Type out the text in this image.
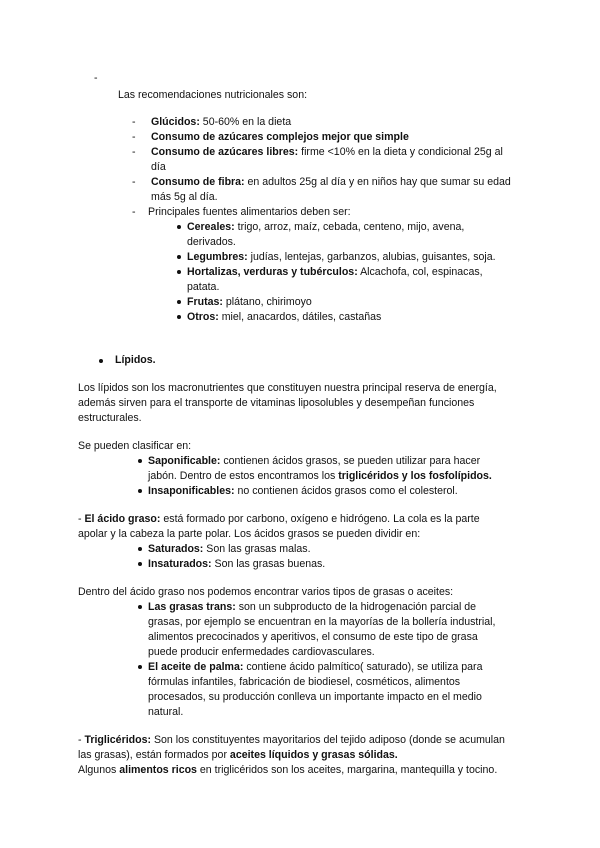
-
Las recomendaciones nutricionales son:
- Glúcidos: 50-60% en la dieta
- Consumo de azúcares complejos mejor que simple
- Consumo de azúcares libres: firme <10% en la dieta y condicional 25g al
día
- Consumo de fibra: en adultos 25g al día y en niños hay que sumar su edad
más 5g al día.
- Principales fuentes alimentarios deben ser:
Cereales: trigo, arroz, maíz, cebada, centeno, mijo, avena,
derivados.
Legumbres: judías, lentejas, garbanzos, alubias, guisantes, soja.
Hortalizas, verduras y tubérculos: Alcachofa, col, espinacas,
patata.
Frutas: plátano, chirimoyo
Otros: miel, anacardos, dátiles, castañas
Lípidos.
Los lípidos son los macronutrientes que constituyen nuestra principal reserva de energía,
además sirven para el transporte de vitaminas liposolubles y desempeñan funciones
estructurales.
Se pueden clasificar en:
Saponificable: contienen ácidos grasos, se pueden utilizar para hacer
jabón. Dentro de estos encontramos los triglicéridos y los fosfolípidos.
Insaponificables: no contienen ácidos grasos como el colesterol.
- El ácido graso: está formado por carbono, oxígeno e hidrógeno. La cola es la parte
apolar y la cabeza la parte polar. Los ácidos grasos se pueden dividir en:
Saturados: Son las grasas malas.
Insaturados: Son las grasas buenas.
Dentro del ácido graso nos podemos encontrar varios tipos de grasas o aceites:
Las grasas trans: son un subproducto de la hidrogenación parcial de
grasas, por ejemplo se encuentran en la mayorías de la bollería industrial,
alimentos precocinados y aperitivos, el consumo de este tipo de grasa
puede producir enfermedades cardiovasculares.
El aceite de palma: contiene ácido palmítico( saturado), se utiliza para
fórmulas infantiles, fabricación de biodiesel, cosméticos, alimentos
procesados, su producción conlleva un importante impacto en el medio
natural.
- Triglicéridos: Son los constituyentes mayoritarios del tejido adiposo (donde se acumulan
las grasas), están formados por aceites líquidos y grasas sólidas.
Algunos alimentos ricos en triglicéridos son los aceites, margarina, mantequilla y tocino.
